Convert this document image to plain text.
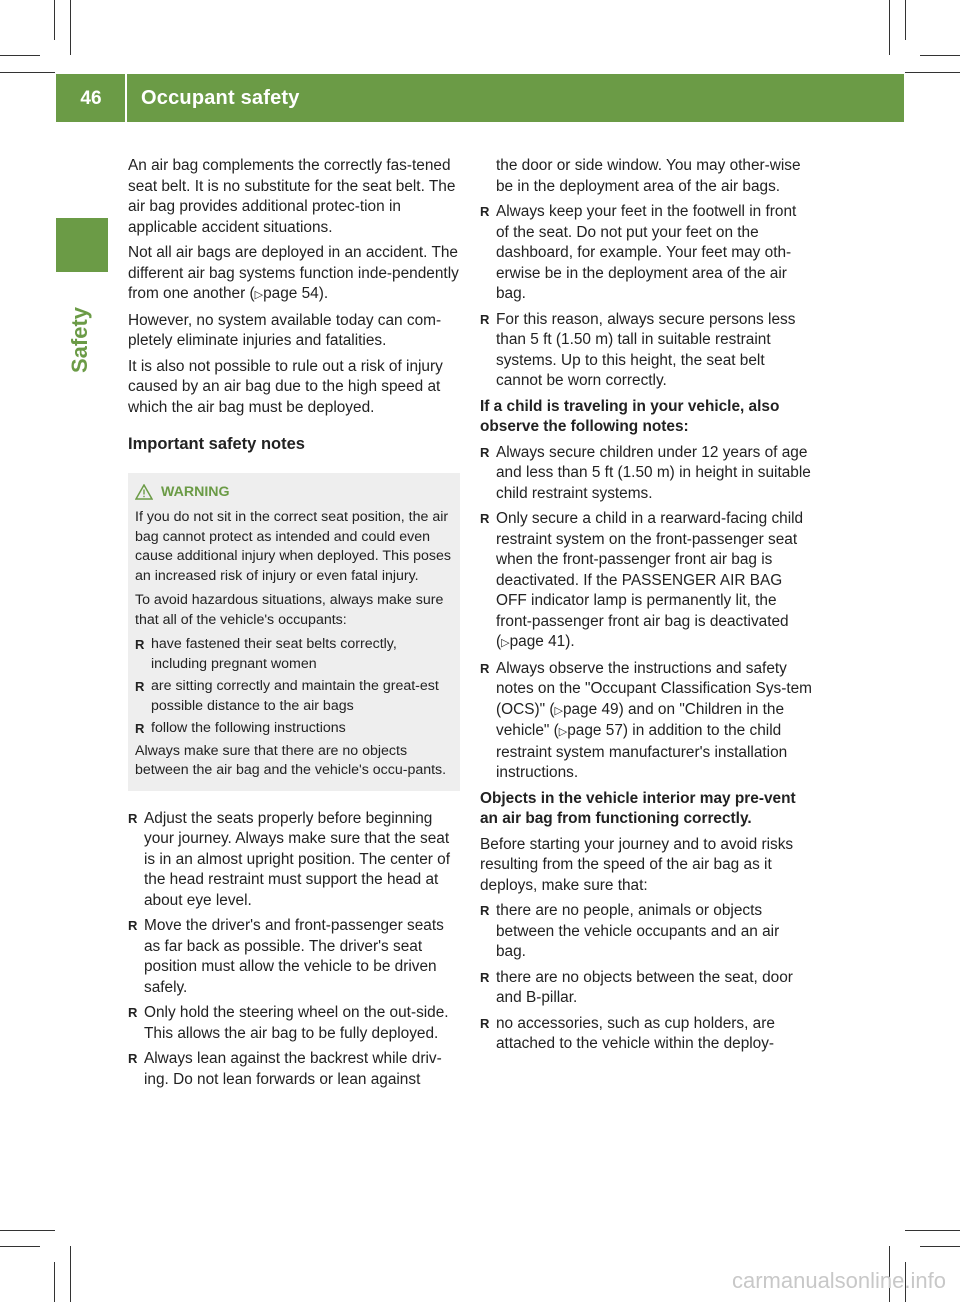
46	Occupant safety
Safety

An air bag complements the correctly fas-tened seat belt. It is no substitute for the seat belt. The air bag provides additional protec-tion in applicable accident situations.

Not all air bags are deployed in an accident. The different air bag systems function inde-pendently from one another (▷page 54).

However, no system available today can com-pletely eliminate injuries and fatalities.

It is also not possible to rule out a risk of injury caused by an air bag due to the high speed at which the air bag must be deployed.

Important safety notes
WARNING

If you do not sit in the correct seat position, the air bag cannot protect as intended and could even cause additional injury when deployed. This poses an increased risk of injury or even fatal injury.

To avoid hazardous situations, always make sure that all of the vehicle's occupants:

R have fastened their seat belts correctly, including pregnant women
R are sitting correctly and maintain the great-est possible distance to the air bags
R follow the following instructions

Always make sure that there are no objects between the air bag and the vehicle's occu-pants.

R Adjust the seats properly before beginning your journey. Always make sure that the seat is in an almost upright position. The center of the head restraint must support the head at about eye level.
R Move the driver's and front-passenger seats as far back as possible. The driver's seat position must allow the vehicle to be driven safely.
R Only hold the steering wheel on the out-side. This allows the air bag to be fully deployed.
R Always lean against the backrest while driv-ing. Do not lean forwards or lean against

the door or side window. You may other-wise be in the deployment area of the air bags.

R Always keep your feet in the footwell in front of the seat. Do not put your feet on the dashboard, for example. Your feet may oth-erwise be in the deployment area of the air bag.
R For this reason, always secure persons less than 5 ft (1.50 m) tall in suitable restraint systems. Up to this height, the seat belt cannot be worn correctly.

If a child is traveling in your vehicle, also observe the following notes:

R Always secure children under 12 years of age and less than 5 ft (1.50 m) in height in suitable child restraint systems.
R Only secure a child in a rearward-facing child restraint system on the front-passenger seat when the front-passenger front air bag is deactivated. If the PASSENGER AIR BAG OFF indicator lamp is permanently lit, the front-passenger front air bag is deactivated (▷page 41).
R Always observe the instructions and safety notes on the "Occupant Classification Sys-tem (OCS)" (▷page 49) and on "Children in the vehicle" (▷page 57) in addition to the child restraint system manufacturer's installation instructions.

Objects in the vehicle interior may pre-vent an air bag from functioning correctly.

Before starting your journey and to avoid risks resulting from the speed of the air bag as it deploys, make sure that:

R there are no people, animals or objects between the vehicle occupants and an air bag.
R there are no objects between the seat, door and B-pillar.
R no accessories, such as cup holders, are attached to the vehicle within the deploy-
carmanualsonline.info
